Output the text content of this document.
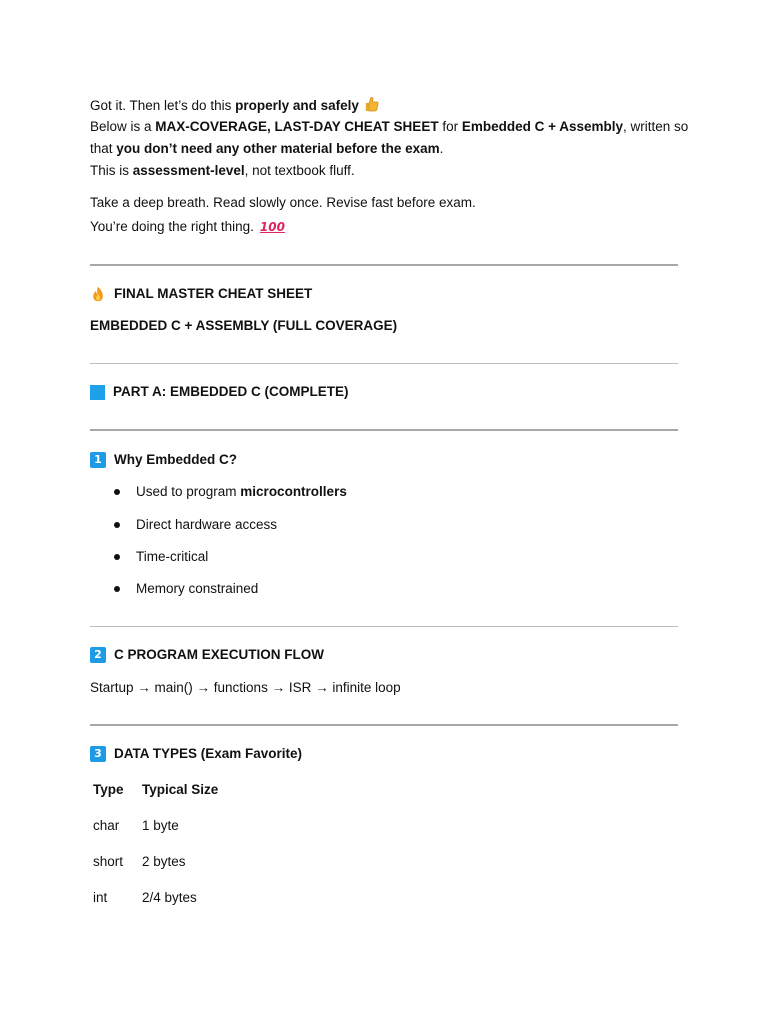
Got it. Then let’s do this properly and safely
Below is a MAX-COVERAGE, LAST-DAY CHEAT SHEET for Embedded C + Assembly, written so
that you don’t need any other material before the exam.
This is assessment-level, not textbook fluff.
Take a deep breath. Read slowly once. Revise fast before exam.
You’re doing the right thing. 100
FINAL MASTER CHEAT SHEET
EMBEDDED C + ASSEMBLY (FULL COVERAGE)
PART A: EMBEDDED C (COMPLETE)
1 Why Embedded C?
Used to program microcontrollers
Direct hardware access
Time-critical
Memory constrained
2 C PROGRAM EXECUTION FLOW
Startup → main() → functions → ISR → infinite loop
3 DATA TYPES (Exam Favorite)
Type Typical Size
char 1 byte
short 2 bytes
int	2/4 bytes
